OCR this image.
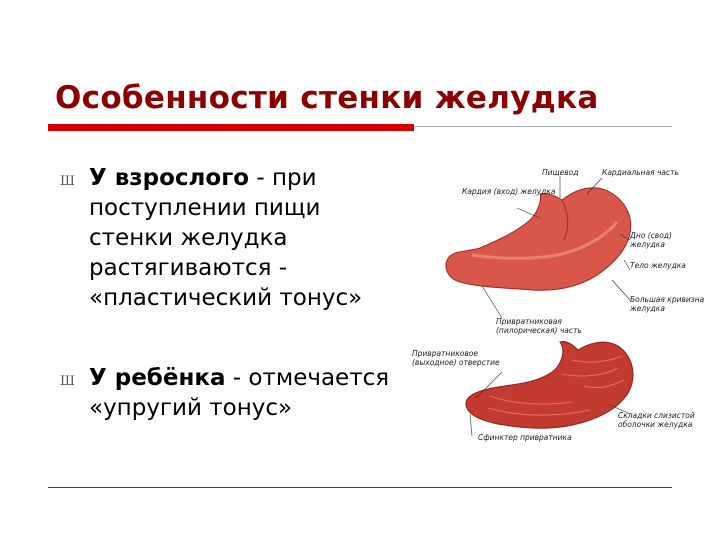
Особенности стенки желудка
Ш У взрослого - при поступлении пищи стенки желудка растягиваются - «пластический тонус»
Ш У ребёнка - отмечается «упругий тонус»
Кардия (вход) желудка
Пищевод	Кардиальная часть
Дно (свод) желудка
Тело желудка
Большая кривизна желудка
Привратниковая (пилорическая) часть
Привратниковое (выходное) отверстие
Складки слизистой оболочки желудка
Сфинктер привратника
